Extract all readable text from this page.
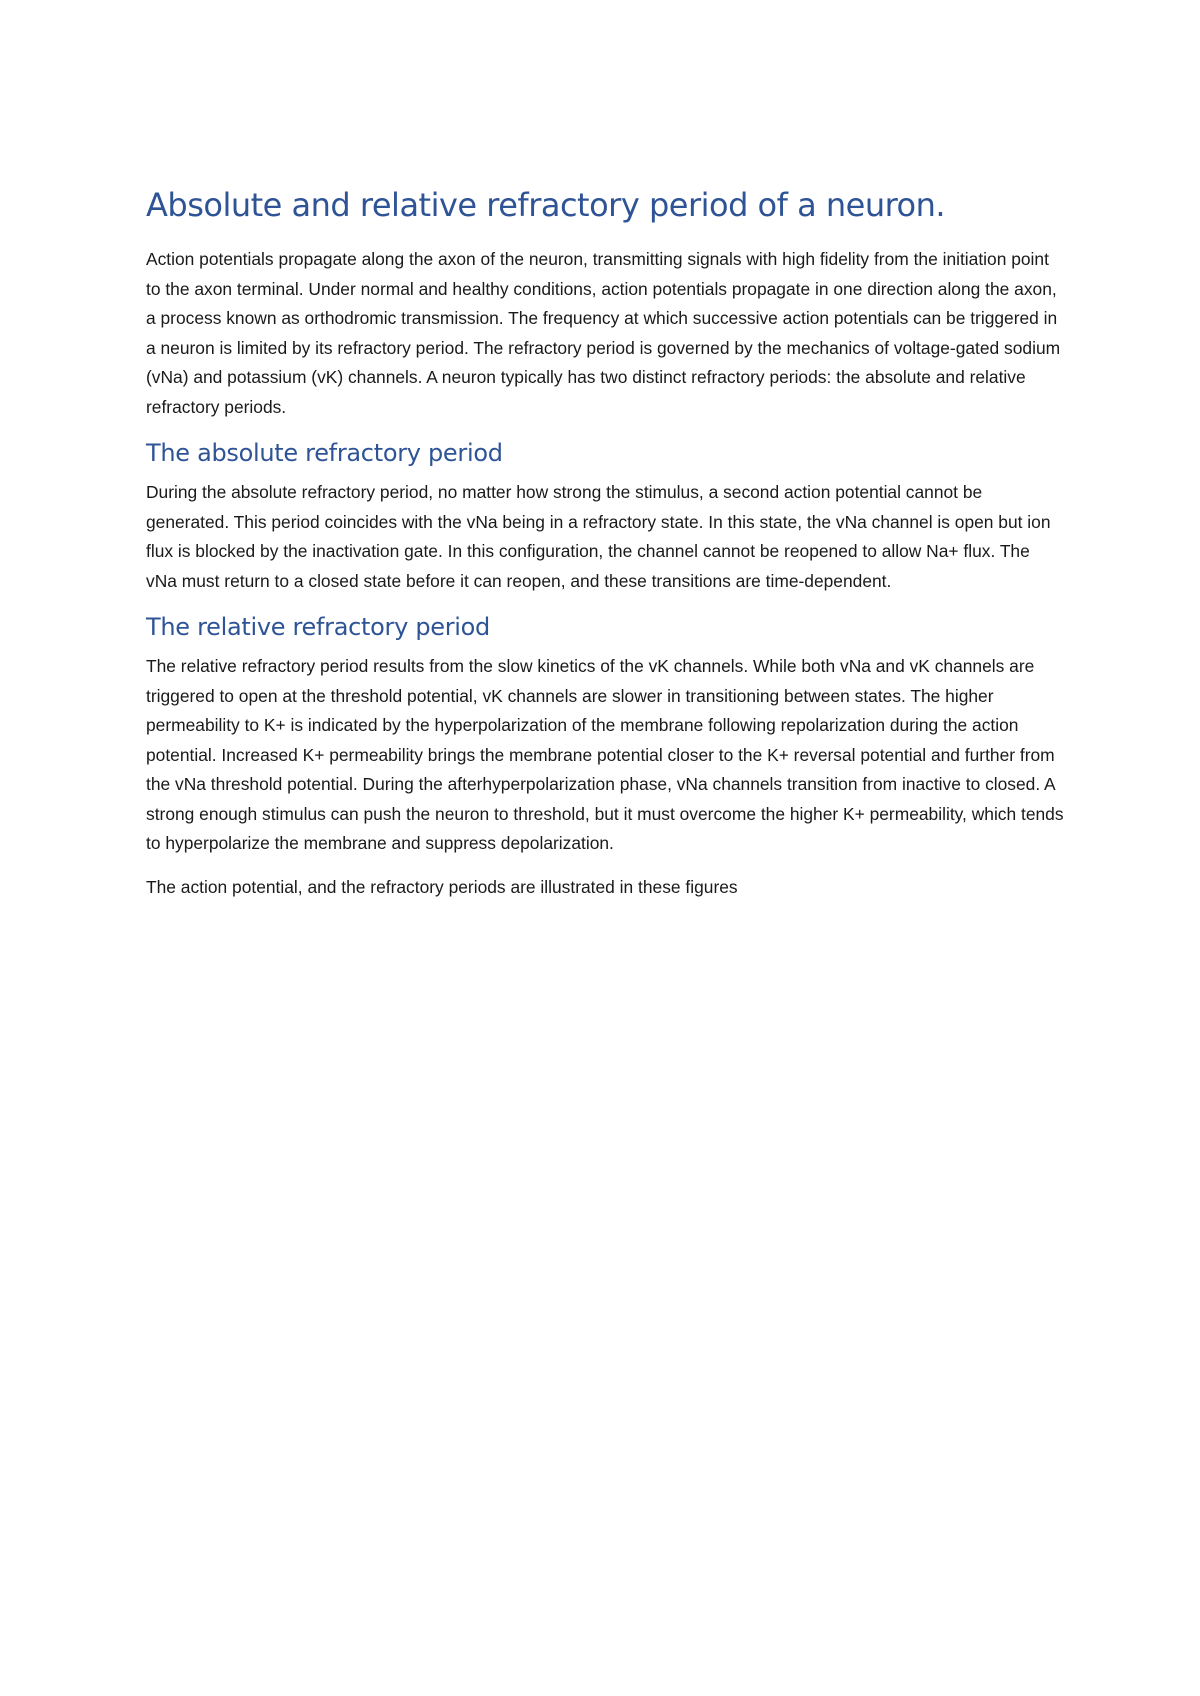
Absolute and relative refractory period of a neuron.

Action potentials propagate along the axon of the neuron, transmitting signals with high fidelity from the initiation point to the axon terminal. Under normal and healthy conditions, action potentials propagate in one direction along the axon, a process known as orthodromic transmission. The frequency at which successive action potentials can be triggered in a neuron is limited by its refractory period. The refractory period is governed by the mechanics of voltage-gated sodium (vNa) and potassium (vK) channels. A neuron typically has two distinct refractory periods: the absolute and relative refractory periods.

The absolute refractory period

During the absolute refractory period, no matter how strong the stimulus, a second action potential cannot be generated. This period coincides with the vNa being in a refractory state. In this state, the vNa channel is open but ion flux is blocked by the inactivation gate. In this configuration, the channel cannot be reopened to allow Na+ flux. The vNa must return to a closed state before it can reopen, and these transitions are time-dependent.

The relative refractory period

The relative refractory period results from the slow kinetics of the vK channels. While both vNa and vK channels are triggered to open at the threshold potential, vK channels are slower in transitioning between states. The higher permeability to K+ is indicated by the hyperpolarization of the membrane following repolarization during the action potential. Increased K+ permeability brings the membrane potential closer to the K+ reversal potential and further from the vNa threshold potential. During the afterhyperpolarization phase, vNa channels transition from inactive to closed. A strong enough stimulus can push the neuron to threshold, but it must overcome the higher K+ permeability, which tends to hyperpolarize the membrane and suppress depolarization.

The action potential, and the refractory periods are illustrated in these figures
